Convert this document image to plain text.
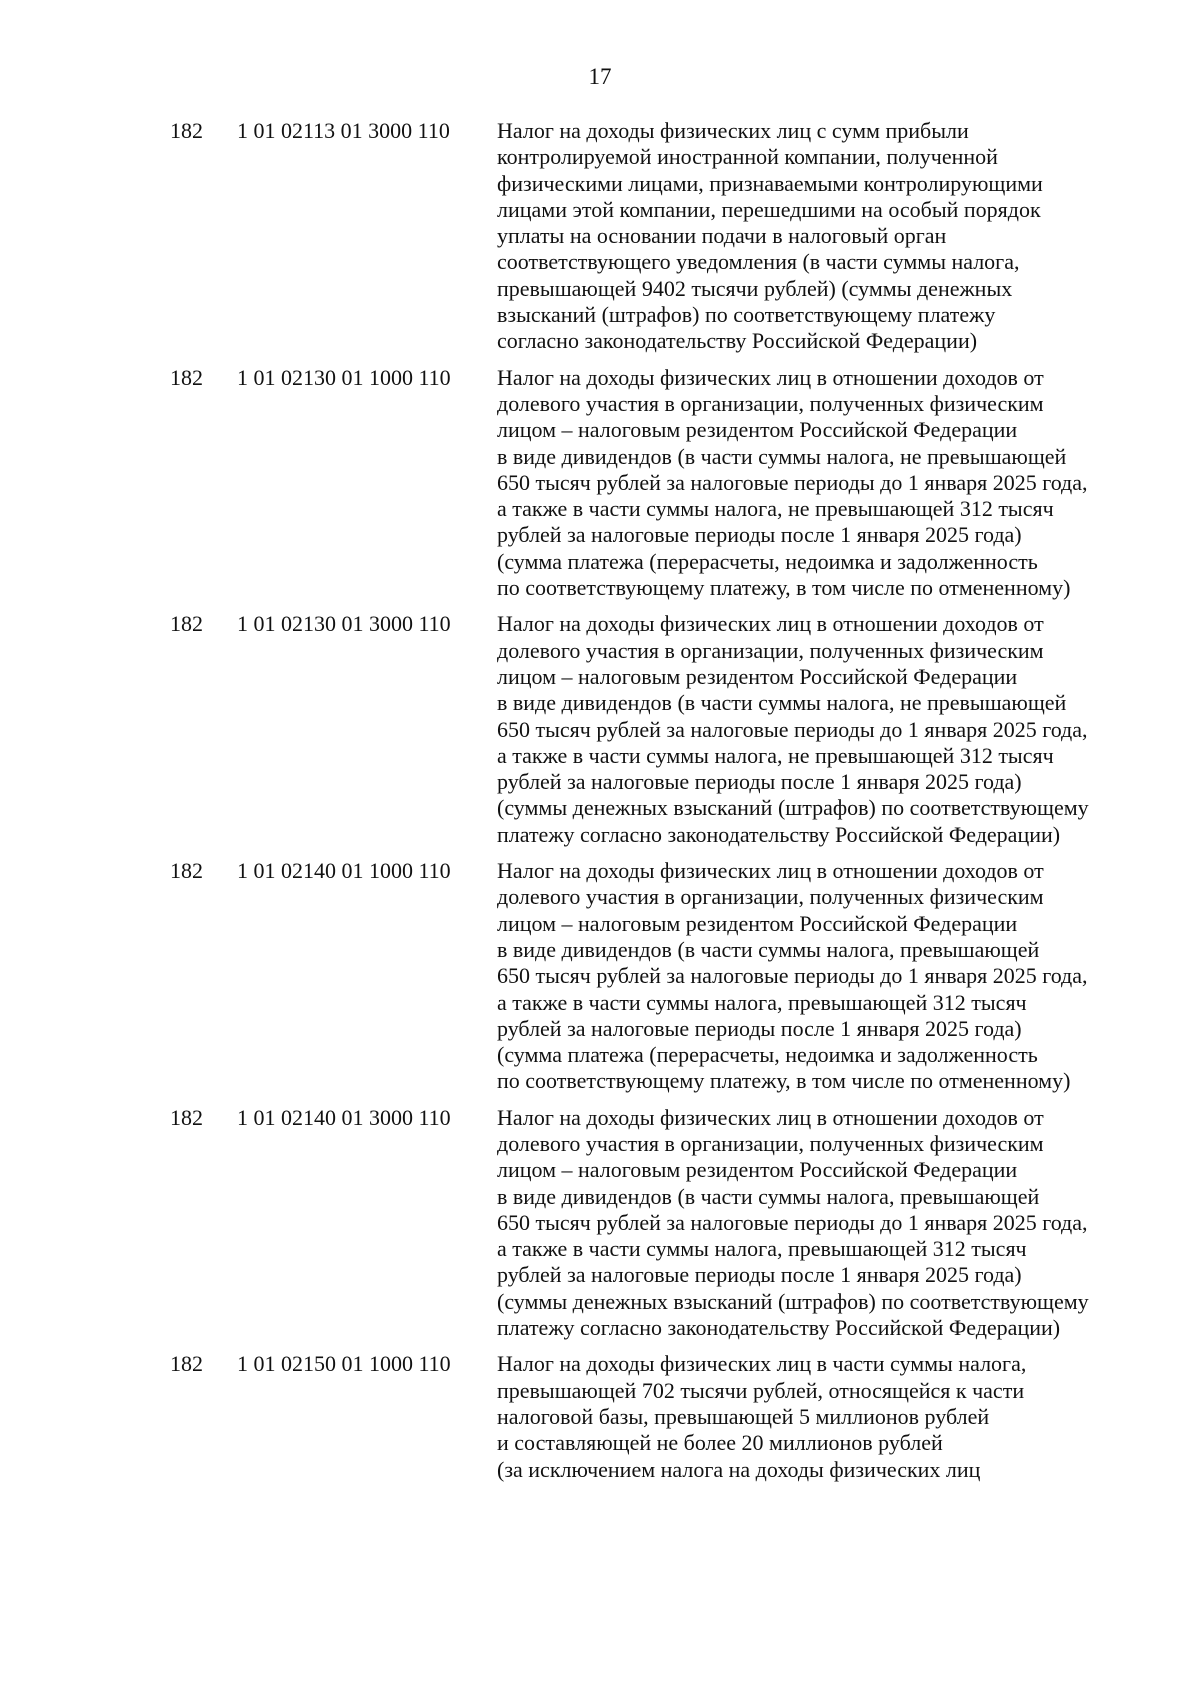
17
182	1 01 02113 01 3000 110	Налог на доходы физических лиц с сумм прибыли
контролируемой иностранной компании, полученной
физическими лицами, признаваемыми контролирующими
лицами этой компании, перешедшими на особый порядок
уплаты на основании подачи в налоговый орган
соответствующего уведомления (в части суммы налога,
превышающей 9402 тысячи рублей) (суммы денежных
взысканий (штрафов) по соответствующему платежу
согласно законодательству Российской Федерации)
182	1 01 02130 01 1000 110	Налог на доходы физических лиц в отношении доходов от
долевого участия в организации, полученных физическим
лицом – налоговым резидентом Российской Федерации
в виде дивидендов (в части суммы налога, не превышающей
650 тысяч рублей за налоговые периоды до 1 января 2025 года,
а также в части суммы налога, не превышающей 312 тысяч
рублей за налоговые периоды после 1 января 2025 года)
(сумма платежа (перерасчеты, недоимка и задолженность
по соответствующему платежу, в том числе по отмененному)
182	1 01 02130 01 3000 110	Налог на доходы физических лиц в отношении доходов от
долевого участия в организации, полученных физическим
лицом – налоговым резидентом Российской Федерации
в виде дивидендов (в части суммы налога, не превышающей
650 тысяч рублей за налоговые периоды до 1 января 2025 года,
а также в части суммы налога, не превышающей 312 тысяч
рублей за налоговые периоды после 1 января 2025 года)
(суммы денежных взысканий (штрафов) по соответствующему
платежу согласно законодательству Российской Федерации)
182	1 01 02140 01 1000 110	Налог на доходы физических лиц в отношении доходов от
долевого участия в организации, полученных физическим
лицом – налоговым резидентом Российской Федерации
в виде дивидендов (в части суммы налога, превышающей
650 тысяч рублей за налоговые периоды до 1 января 2025 года,
а также в части суммы налога, превышающей 312 тысяч
рублей за налоговые периоды после 1 января 2025 года)
(сумма платежа (перерасчеты, недоимка и задолженность
по соответствующему платежу, в том числе по отмененному)
182	1 01 02140 01 3000 110	Налог на доходы физических лиц в отношении доходов от
долевого участия в организации, полученных физическим
лицом – налоговым резидентом Российской Федерации
в виде дивидендов (в части суммы налога, превышающей
650 тысяч рублей за налоговые периоды до 1 января 2025 года,
а также в части суммы налога, превышающей 312 тысяч
рублей за налоговые периоды после 1 января 2025 года)
(суммы денежных взысканий (штрафов) по соответствующему
платежу согласно законодательству Российской Федерации)
182	1 01 02150 01 1000 110	Налог на доходы физических лиц в части суммы налога,
превышающей 702 тысячи рублей, относящейся к части
налоговой базы, превышающей 5 миллионов рублей
и составляющей не более 20 миллионов рублей
(за исключением налога на доходы физических лиц
